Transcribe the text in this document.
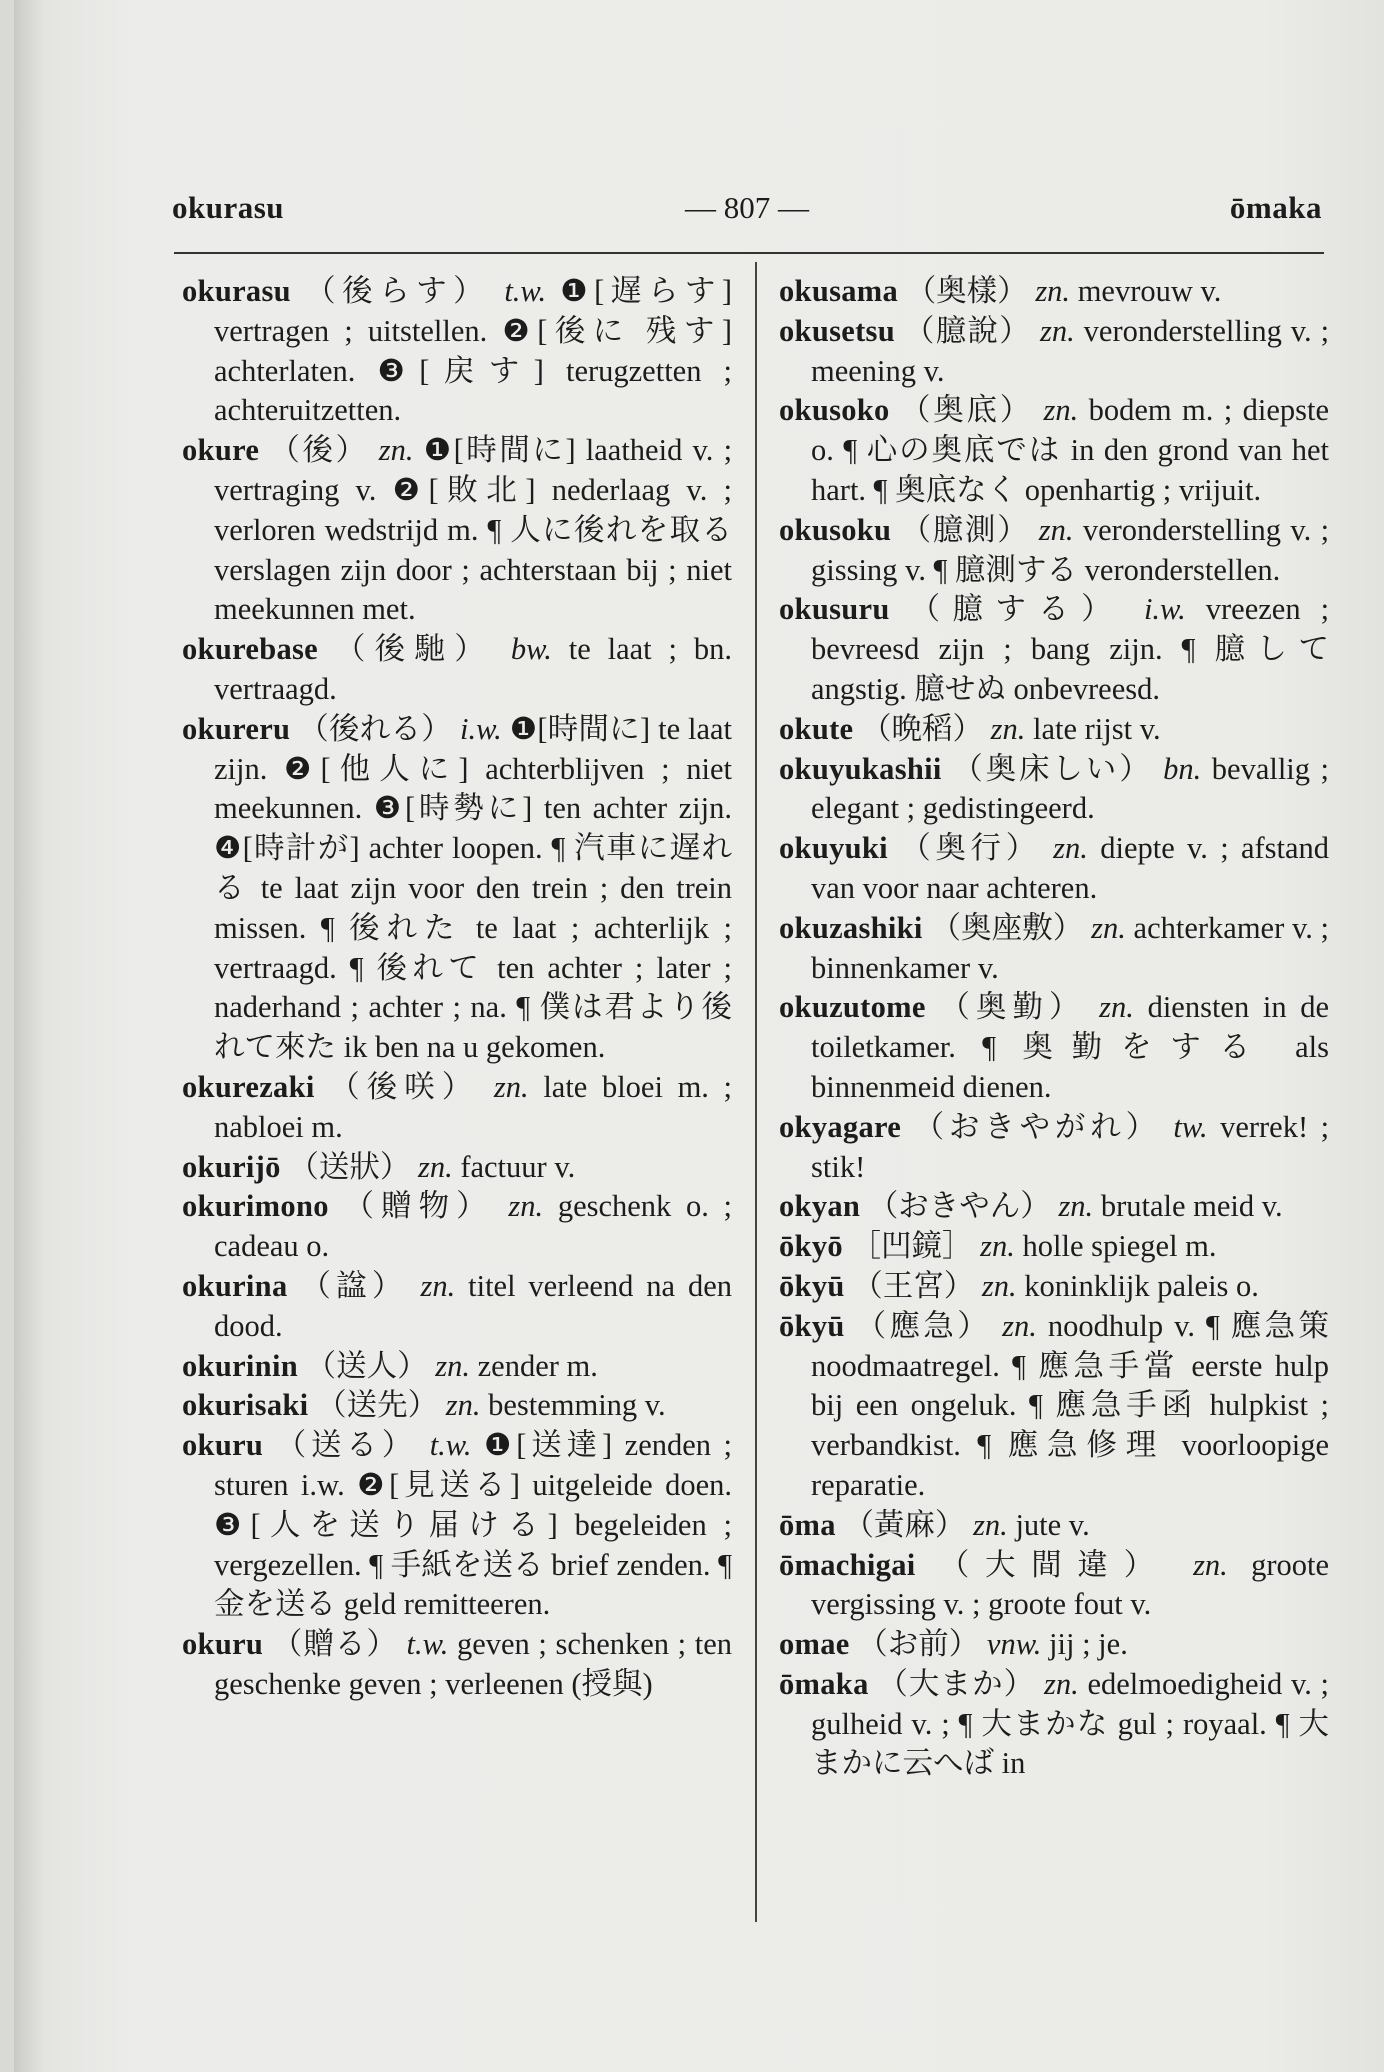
okurasu	— 807 —	ōmaka

okurasu （後らす） t.w. ❶[遅らす] vertragen ; uitstellen. ❷[後に 残す] achterlaten. ❸[戻す] terugzetten ; achteruitzetten.

okure （後） zn. ❶[時間に] laatheid v. ; vertraging v. ❷[敗北] nederlaag v. ; verloren wedstrijd m. ¶ 人に後れを取る verslagen zijn door ; achterstaan bij ; niet meekunnen met.

okurebase （後馳） bw. te laat ; bn. vertraagd.

okureru （後れる） i.w. ❶[時間に] te laat zijn. ❷[他人に] achterblijven ; niet meekunnen. ❸[時勢に] ten achter zijn. ❹[時計が] achter loopen. ¶ 汽車に遅れる te laat zijn voor den trein ; den trein missen. ¶ 後れた te laat ; achterlijk ; vertraagd. ¶ 後れて ten achter ; later ; naderhand ; achter ; na. ¶ 僕は君より後れて來た ik ben na u gekomen.

okurezaki （後咲） zn. late bloei m. ; nabloei m.

okurijō （送狀） zn. factuur v.

okurimono （贈物） zn. geschenk o. ; cadeau o.

okurina （諡） zn. titel verleend na den dood.

okurinin （送人） zn. zender m.

okurisaki （送先） zn. bestemming v.

okuru （送る） t.w. ❶[送達] zenden ; sturen i.w. ❷[見送る] uitgeleide doen. ❸[人を送り届ける] begeleiden ; vergezellen. ¶ 手紙を送る brief zenden. ¶ 金を送る geld remitteeren.

okuru （贈る） t.w. geven ; schenken ; ten geschenke geven ; verleenen (授與)

okusama （奥樣） zn. mevrouw v.

okusetsu （臆說） zn. veronderstelling v. ; meening v.

okusoko （奥底） zn. bodem m. ; diepste o. ¶ 心の奥底では in den grond van het hart. ¶ 奥底なく openhartig ; vrijuit.

okusoku （臆測） zn. veronderstelling v. ; gissing v. ¶ 臆測する veronderstellen.

okusuru （臆する） i.w. vreezen ; bevreesd zijn ; bang zijn. ¶ 臆して angstig. 臆せぬ onbevreesd.

okute （晩稻） zn. late rijst v.

okuyukashii （奥床しい） bn. bevallig ; elegant ; gedistingeerd.

okuyuki （奥行） zn. diepte v. ; afstand van voor naar achteren.

okuzashiki （奥座敷） zn. achterkamer v. ; binnenkamer v.

okuzutome （奥勤） zn. diensten in de toiletkamer. ¶ 奥勤をする als binnenmeid dienen.

okyagare （おきやがれ） tw. verrek! ; stik!

okyan （おきやん） zn. brutale meid v.

ōkyō ［凹鏡］ zn. holle spiegel m.

ōkyū （王宮） zn. koninklijk paleis o.

ōkyū （應急） zn. noodhulp v. ¶ 應急策 noodmaatregel. ¶ 應急手當 eerste hulp bij een ongeluk. ¶ 應急手函 hulpkist ; verbandkist. ¶ 應急修理 voorloopige reparatie.

ōma （黃麻） zn. jute v.

ōmachigai （大間違） zn. groote vergissing v. ; groote fout v.

omae （お前） vnw. jij ; je.

ōmaka （大まか） zn. edelmoedigheid v. ; gulheid v. ; ¶ 大まかな gul ; royaal. ¶ 大まかに云へば in
